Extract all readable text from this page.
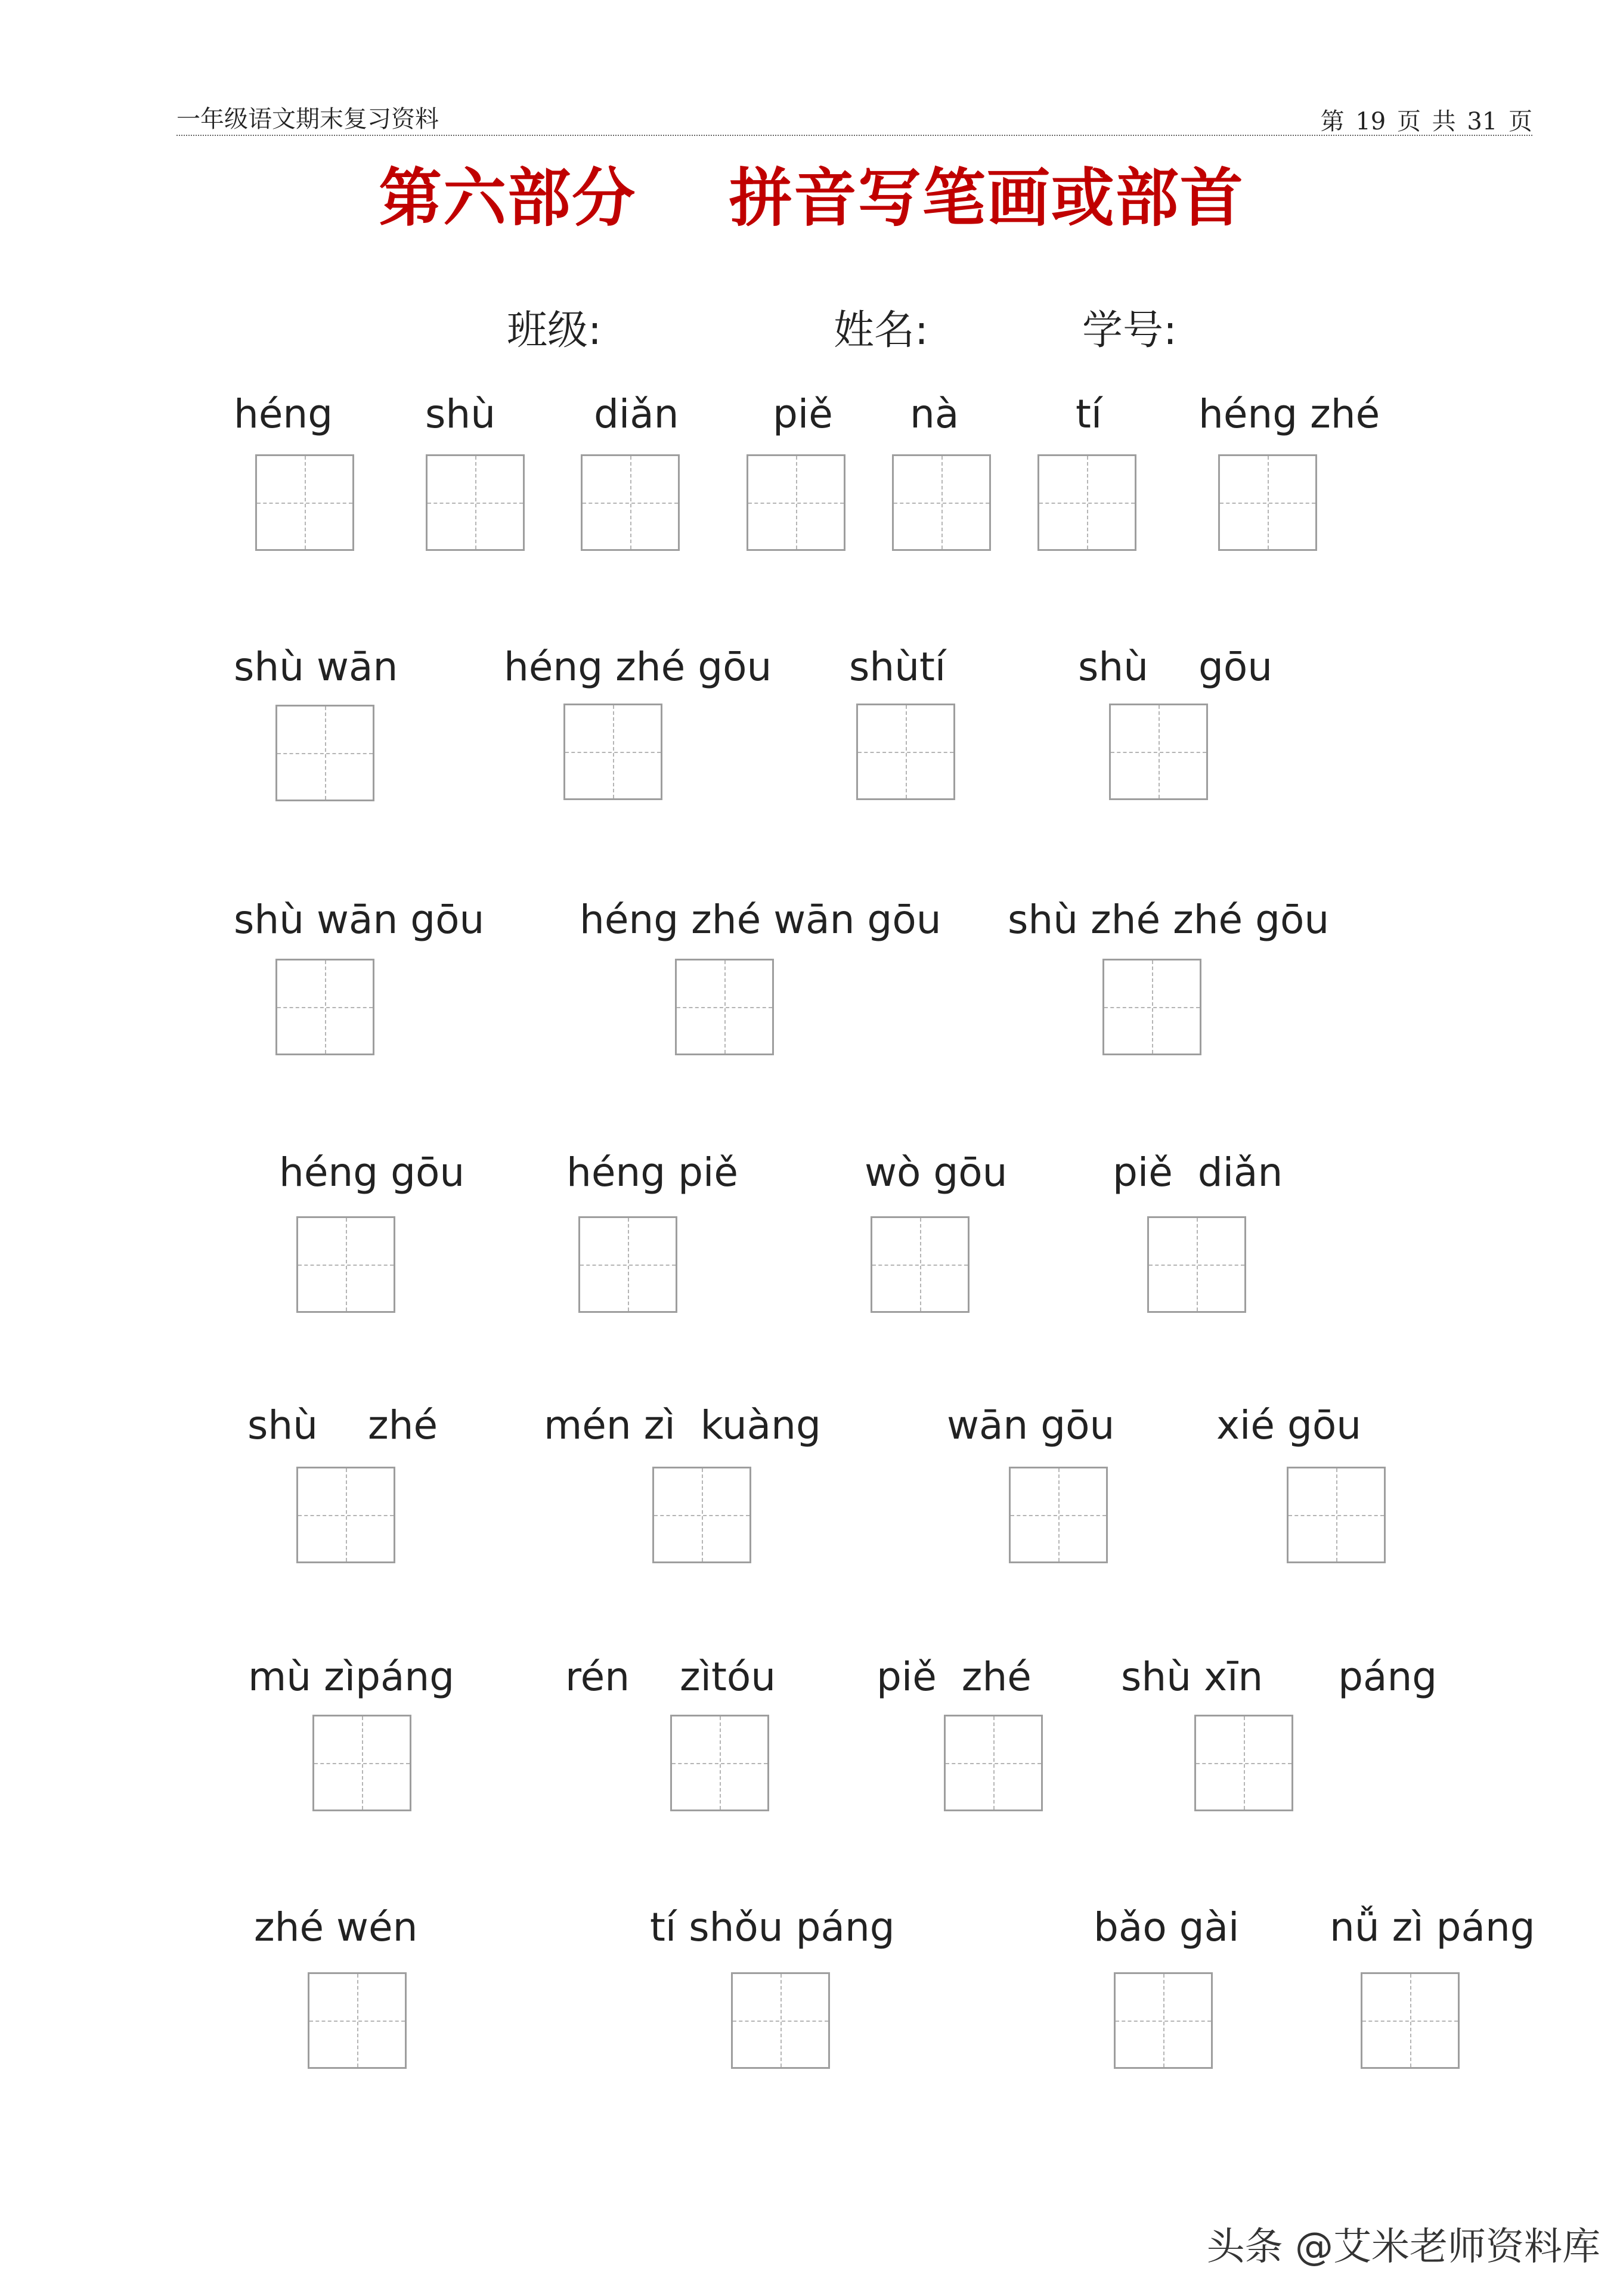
一年级语文期末复习资料	第 19 页 共 31 页
第六部分    拼音写笔画或部首
班级:	姓名:	学号:
héng shù diǎn piě nà	tí héng zhé
shù wān	héng zhé gōu shùtí	shù    gōu
shù wān gōu héng zhé wān gōu shù zhé zhé gōu
héng gōu	héng piě	wò gōu	piě  diǎn
shù    zhé	mén zì  kuàng	wān gōu	xié gōu
mù zìpáng	rén    zìtóu	piě  zhé shù xīn      páng
zhé wén	tí shǒu páng	bǎo gài nǚ zì páng
头条 @艾米老师资料库
